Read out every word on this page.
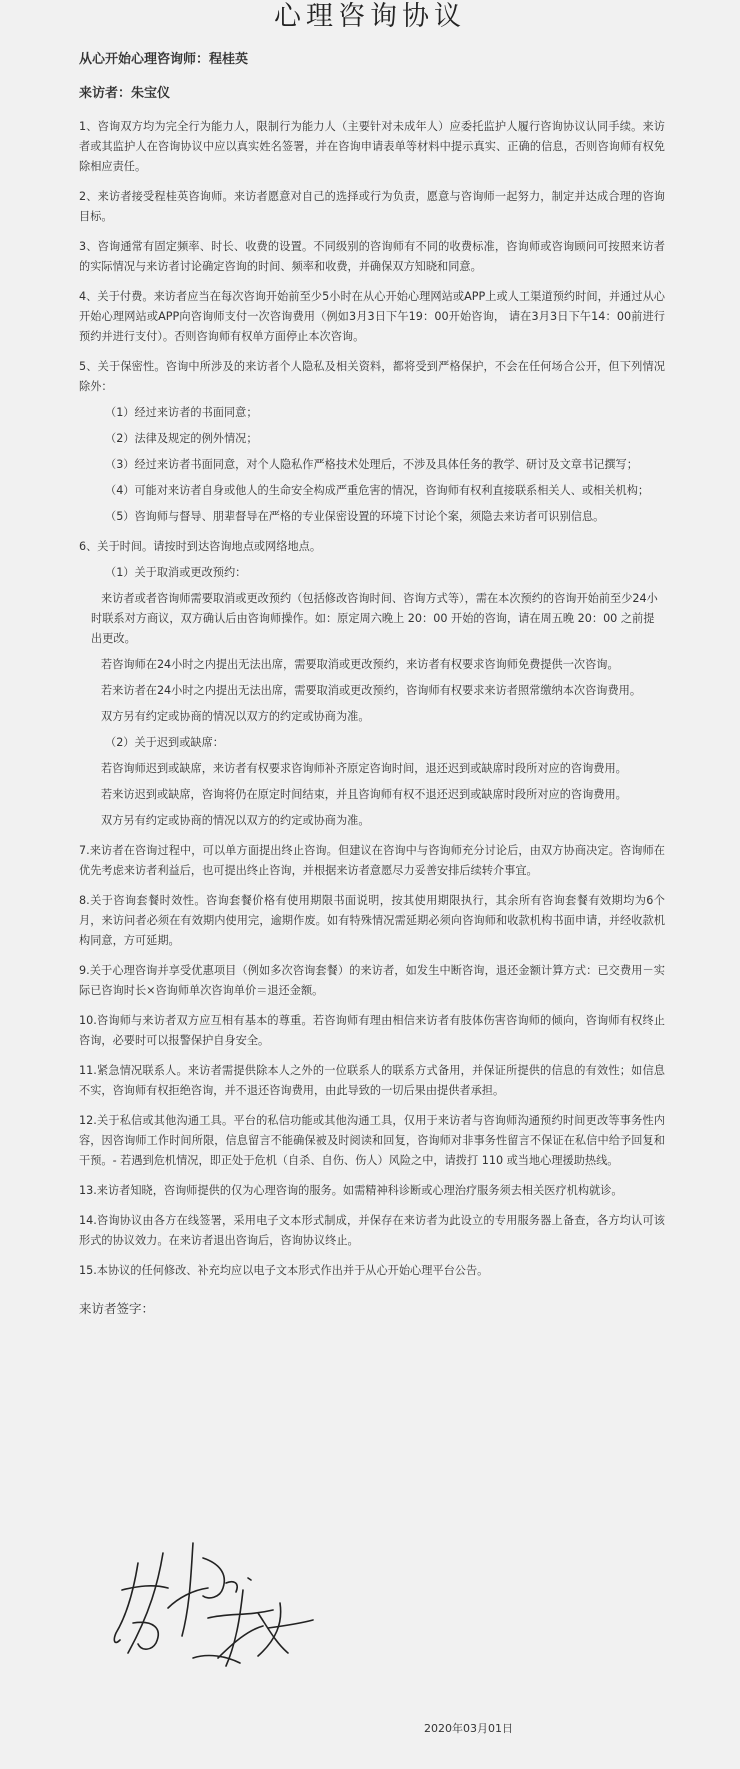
心理咨询协议

从心开始心理咨询师：程桂英

来访者：朱宝仪

1、咨询双方均为完全行为能力人，限制行为能力人（主要针对未成年人）应委托监护人履行咨询协议认同手续。来访者或其监护人在咨询协议中应以真实姓名签署，并在咨询申请表单等材料中提示真实、正确的信息，否则咨询师有权免除相应责任。

2、来访者接受程桂英咨询师。来访者愿意对自己的选择或行为负责，愿意与咨询师一起努力，制定并达成合理的咨询目标。

3、咨询通常有固定频率、时长、收费的设置。不同级别的咨询师有不同的收费标准，咨询师或咨询顾问可按照来访者的实际情况与来访者讨论确定咨询的时间、频率和收费，并确保双方知晓和同意。

4、关于付费。来访者应当在每次咨询开始前至少5小时在从心开始心理网站或APP上或人工渠道预约时间，并通过从心开始心理网站或APP向咨询师支付一次咨询费用（例如3月3日下午19：00开始咨询， 请在3月3日下午14：00前进行预约并进行支付）。否则咨询师有权单方面停止本次咨询。

5、关于保密性。咨询中所涉及的来访者个人隐私及相关资料，都将受到严格保护，不会在任何场合公开，但下列情况除外：

（1）经过来访者的书面同意；

（2）法律及规定的例外情况；

（3）经过来访者书面同意，对个人隐私作严格技术处理后，不涉及具体任务的教学、研讨及文章书记撰写；

（4）可能对来访者自身或他人的生命安全构成严重危害的情况，咨询师有权利直接联系相关人、或相关机构；

（5）咨询师与督导、朋辈督导在严格的专业保密设置的环境下讨论个案，须隐去来访者可识别信息。

6、关于时间。请按时到达咨询地点或网络地点。

（1）关于取消或更改预约：

来访者或者咨询师需要取消或更改预约（包括修改咨询时间、咨询方式等），需在本次预约的咨询开始前至少24小时联系对方商议，双方确认后由咨询师操作。如：原定周六晚上 20：00 开始的咨询，请在周五晚 20：00 之前提出更改。

若咨询师在24小时之内提出无法出席，需要取消或更改预约，来访者有权要求咨询师免费提供一次咨询。

若来访者在24小时之内提出无法出席，需要取消或更改预约，咨询师有权要求来访者照常缴纳本次咨询费用。

双方另有约定或协商的情况以双方的约定或协商为准。

（2）关于迟到或缺席：

若咨询师迟到或缺席，来访者有权要求咨询师补齐原定咨询时间，退还迟到或缺席时段所对应的咨询费用。

若来访迟到或缺席，咨询将仍在原定时间结束，并且咨询师有权不退还迟到或缺席时段所对应的咨询费用。

双方另有约定或协商的情况以双方的约定或协商为准。

7.来访者在咨询过程中，可以单方面提出终止咨询。但建议在咨询中与咨询师充分讨论后，由双方协商决定。咨询师在优先考虑来访者利益后，也可提出终止咨询，并根据来访者意愿尽力妥善安排后续转介事宜。

8.关于咨询套餐时效性。咨询套餐价格有使用期限书面说明，按其使用期限执行，其余所有咨询套餐有效期均为6个月，来访问者必须在有效期内使用完，逾期作废。如有特殊情况需延期必须向咨询师和收款机构书面申请，并经收款机构同意，方可延期。

9.关于心理咨询并享受优惠项目（例如多次咨询套餐）的来访者，如发生中断咨询，退还金额计算方式：已交费用－实际已咨询时长×咨询师单次咨询单价＝退还金额。

10.咨询师与来访者双方应互相有基本的尊重。若咨询师有理由相信来访者有肢体伤害咨询师的倾向，咨询师有权终止咨询，必要时可以报警保护自身安全。

11.紧急情况联系人。来访者需提供除本人之外的一位联系人的联系方式备用，并保证所提供的信息的有效性；如信息不实，咨询师有权拒绝咨询，并不退还咨询费用，由此导致的一切后果由提供者承担。

12.关于私信或其他沟通工具。平台的私信功能或其他沟通工具，仅用于来访者与咨询师沟通预约时间更改等事务性内容，因咨询师工作时间所限，信息留言不能确保被及时阅读和回复，咨询师对非事务性留言不保证在私信中给予回复和干预。- 若遇到危机情况，即正处于危机（自杀、自伤、伤人）风险之中，请拨打 110 或当地心理援助热线。

13.来访者知晓，咨询师提供的仅为心理咨询的服务。如需精神科诊断或心理治疗服务须去相关医疗机构就诊。

14.咨询协议由各方在线签署，采用电子文本形式制成，并保存在来访者为此设立的专用服务器上备查，各方均认可该形式的协议效力。在来访者退出咨询后，咨询协议终止。

15.本协议的任何修改、补充均应以电子文本形式作出并于从心开始心理平台公告。

来访者签字：
2020年03月01日
